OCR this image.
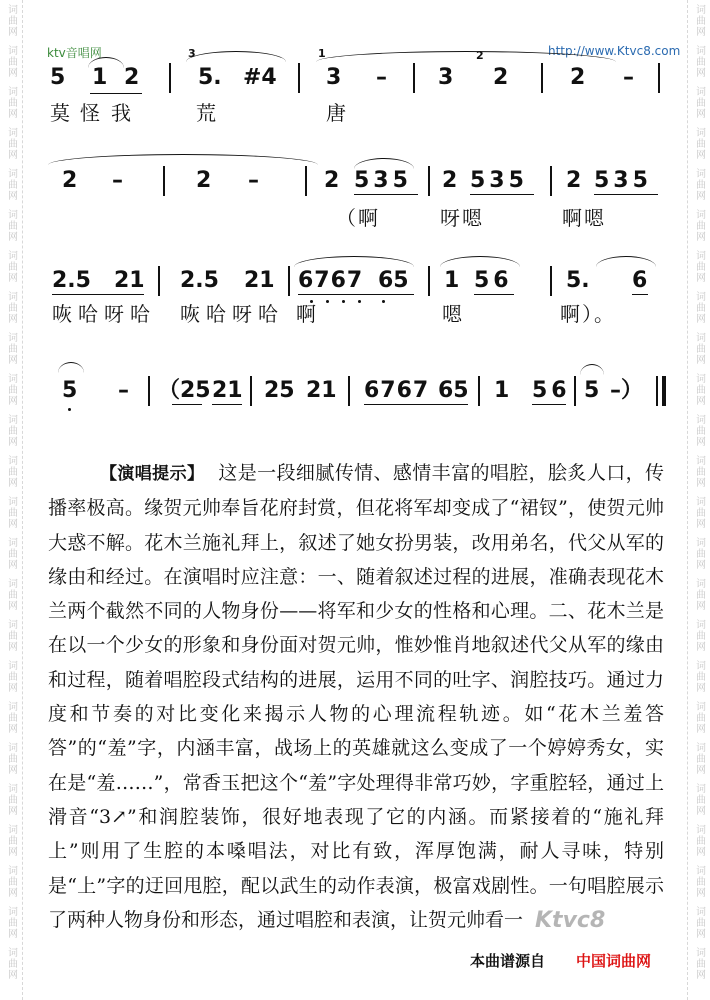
词曲网
词曲网
词曲网
词曲网
词曲网
词曲网
词曲网
词曲网
词曲网
词曲网
词曲网
词曲网
词曲网
词曲网
词曲网
词曲网
词曲网
词曲网
词曲网
词曲网
词曲网
词曲网
词曲网
词曲网
词曲网
词曲网
词曲网
词曲网
词曲网
词曲网
词曲网
词曲网
词曲网
词曲网
词曲网
词曲网
词曲网
词曲网
词曲网
词曲网
词曲网
词曲网
词曲网
词曲网
词曲网
词曲网
词曲网
词曲网
ktv音唱网	http://www.Ktvc8.com
5 1 2
3
5. #4
1
3 – 3
2
2	2 –
莫 怪 我	荒	唐
2 –	2 –	2 535 2 535 2 535
（啊	呀嗯	啊嗯
2.5 21 2.5 21 6767 65 1 56 5. 6
咴 哈 呀 哈 咴 哈 呀 哈 啊	嗯	啊）。
5 – （25 21 25 21 6767 65 1 56 5 –）
【演唱提示】 这是一段细腻传情、感情丰富的唱腔，脍炙人口，传播率极高。缘贺元帅奉旨花府封赏，但花将军却变成了“裙钗”，使贺元帅大惑不解。花木兰施礼拜上，叙述了她女扮男装，改用弟名，代父从军的缘由和经过。在演唱时应注意：一、随着叙述过程的进展，准确表现花木兰两个截然不同的人物身份——将军和少女的性格和心理。二、花木兰是在以一个少女的形象和身份面对贺元帅，惟妙惟肖地叙述代父从军的缘由和过程，随着唱腔段式结构的进展，运用不同的吐字、润腔技巧。通过力度和节奏的对比变化来揭示人物的心理流程轨迹。如“花木兰羞答答”的“羞”字，内涵丰富，战场上的英雄就这么变成了一个婷婷秀女，实在是“羞……”，常香玉把这个“羞”字处理得非常巧妙，字重腔轻，通过上滑音“3↗”和润腔装饰，很好地表现了它的内涵。而紧接着的“施礼拜上”则用了生腔的本嗓唱法，对比有致，浑厚饱满，耐人寻味，特别是“上”字的迂回甩腔，配以武生的动作表演，极富戏剧性。一句唱腔展示了两种人物身份和形态，通过唱腔和表演，让贺元帅看一 Ktvc8
本曲谱源自 中国词曲网
